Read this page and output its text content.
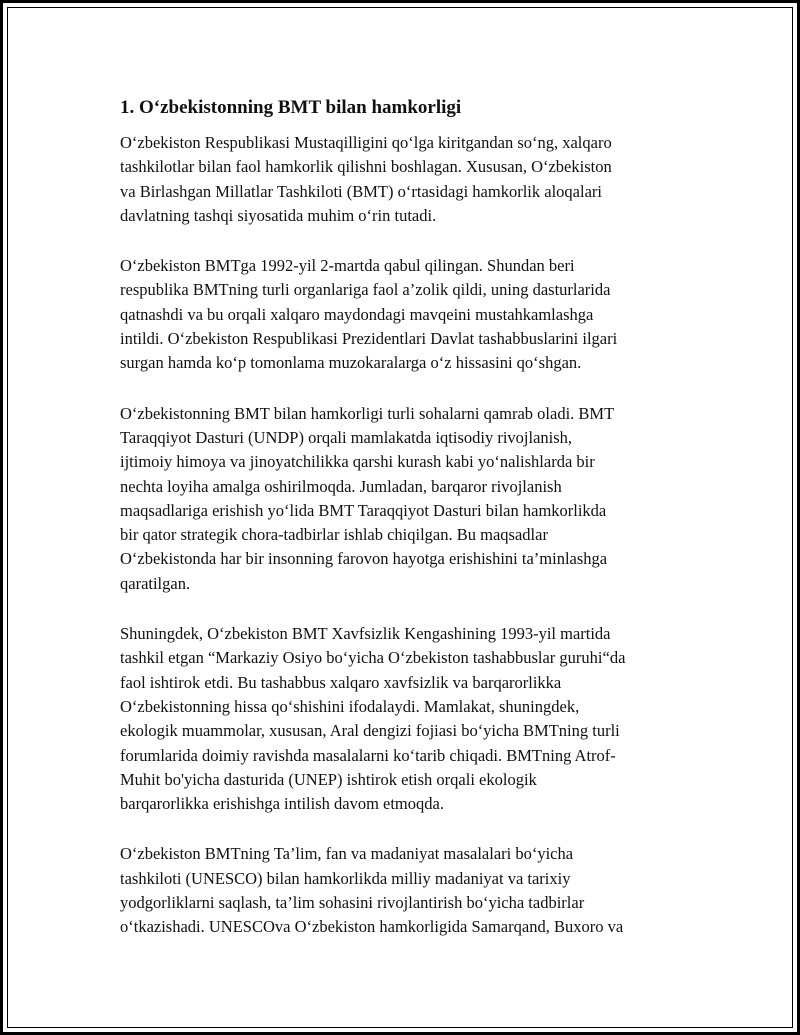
1. O‘zbekistonning BMT bilan hamkorligi
O‘zbekiston Respublikasi Mustaqilligini qo‘lga kiritgandan so‘ng, xalqaro
tashkilotlar bilan faol hamkorlik qilishni boshlagan. Xususan, O‘zbekiston
va Birlashgan Millatlar Tashkiloti (BMT) o‘rtasidagi hamkorlik aloqalari
davlatning tashqi siyosatida muhim o‘rin tutadi.
O‘zbekiston BMTga 1992-yil 2-martda qabul qilingan. Shundan beri
respublika BMTning turli organlariga faol a’zolik qildi, uning dasturlarida
qatnashdi va bu orqali xalqaro maydondagi mavqeini mustahkamlashga
intildi. O‘zbekiston Respublikasi Prezidentlari Davlat tashabbuslarini ilgari
surgan hamda ko‘p tomonlama muzokaralarga o‘z hissasini qo‘shgan.
O‘zbekistonning BMT bilan hamkorligi turli sohalarni qamrab oladi. BMT
Taraqqiyot Dasturi (UNDP) orqali mamlakatda iqtisodiy rivojlanish,
ijtimoiy himoya va jinoyatchilikka qarshi kurash kabi yo‘nalishlarda bir
nechta loyiha amalga oshirilmoqda. Jumladan, barqaror rivojlanish
maqsadlariga erishish yo‘lida BMT Taraqqiyot Dasturi bilan hamkorlikda
bir qator strategik chora-tadbirlar ishlab chiqilgan. Bu maqsadlar
O‘zbekistonda har bir insonning farovon hayotga erishishini ta’minlashga
qaratilgan.
Shuningdek, O‘zbekiston BMT Xavfsizlik Kengashining 1993-yil martida
tashkil etgan “Markaziy Osiyo bo‘yicha O‘zbekiston tashabbuslar guruhi“da
faol ishtirok etdi. Bu tashabbus xalqaro xavfsizlik va barqarorlikka
O‘zbekistonning hissa qo‘shishini ifodalaydi. Mamlakat, shuningdek,
ekologik muammolar, xususan, Aral dengizi fojiasi bo‘yicha BMTning turli
forumlarida doimiy ravishda masalalarni ko‘tarib chiqadi. BMTning Atrof-
Muhit bo'yicha dasturida (UNEP) ishtirok etish orqali ekologik
barqarorlikka erishishga intilish davom etmoqda.
O‘zbekiston BMTning Ta’lim, fan va madaniyat masalalari bo‘yicha
tashkiloti (UNESCO) bilan hamkorlikda milliy madaniyat va tarixiy
yodgorliklarni saqlash, ta’lim sohasini rivojlantirish bo‘yicha tadbirlar
o‘tkazishadi. UNESCOva O‘zbekiston hamkorligida Samarqand, Buxoro va
